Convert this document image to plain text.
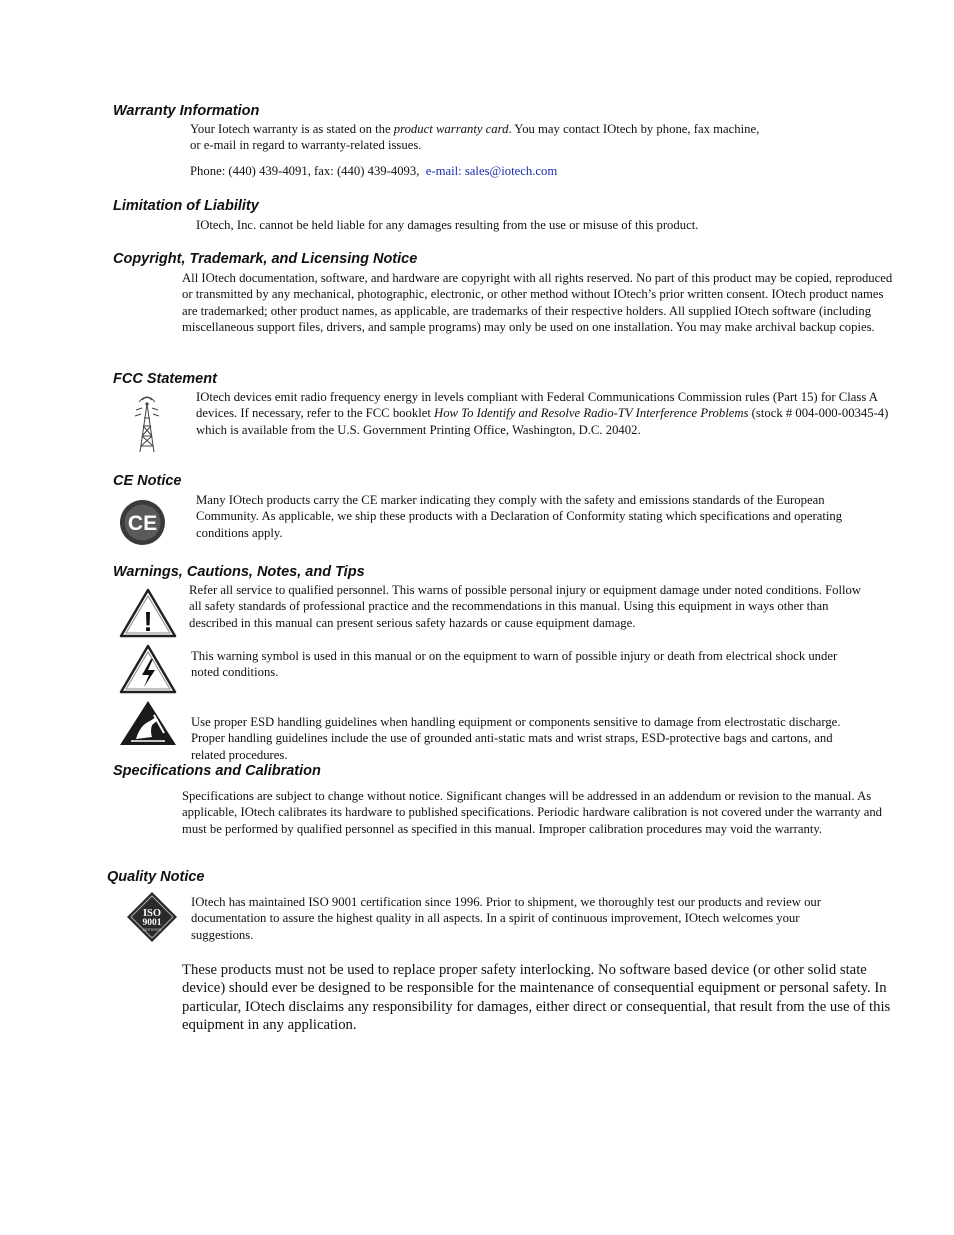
Warranty Information

Your Iotech warranty is as stated on the product warranty card. You may contact IOtech by phone, fax machine, or e-mail in regard to warranty-related issues.

Phone: (440) 439-4091, fax: (440) 439-4093, e-mail: sales@iotech.com

Limitation of Liability

IOtech, Inc. cannot be held liable for any damages resulting from the use or misuse of this product.

Copyright, Trademark, and Licensing Notice

All IOtech documentation, software, and hardware are copyright with all rights reserved. No part of this product may be copied, reproduced or transmitted by any mechanical, photographic, electronic, or other method without IOtech’s prior written consent. IOtech product names are trademarked; other product names, as applicable, are trademarks of their respective holders. All supplied IOtech software (including miscellaneous support files, drivers, and sample programs) may only be used on one installation. You may make archival backup copies.

FCC Statement

IOtech devices emit radio frequency energy in levels compliant with Federal Communications Commission rules (Part 15) for Class A devices. If necessary, refer to the FCC booklet How To Identify and Resolve Radio-TV Interference Problems (stock # 004-000-00345-4) which is available from the U.S. Government Printing Office, Washington, D.C. 20402.

CE Notice
CE

Many IOtech products carry the CE marker indicating they comply with the safety and emissions standards of the European Community. As applicable, we ship these products with a Declaration of Conformity stating which specifications and operating conditions apply.

Warnings, Cautions, Notes, and Tips
!

Refer all service to qualified personnel. This warns of possible personal injury or equipment damage under noted conditions. Follow all safety standards of professional practice and the recommendations in this manual. Using this equipment in ways other than described in this manual can present serious safety hazards or cause equipment damage.

This warning symbol is used in this manual or on the equipment to warn of possible injury or death from electrical shock under noted conditions.

Use proper ESD handling guidelines when handling equipment or components sensitive to damage from electrostatic discharge. Proper handling guidelines include the use of grounded anti-static mats and wrist straps, ESD-protective bags and cartons, and related procedures.

Specifications and Calibration

Specifications are subject to change without notice. Significant changes will be addressed in an addendum or revision to the manual. As applicable, IOtech calibrates its hardware to published specifications. Periodic hardware calibration is not covered under the warranty and must be performed by qualified personnel as specified in this manual. Improper calibration procedures may void the warranty.

Quality Notice
ISO
9001
CERTIFIED

IOtech has maintained ISO 9001 certification since 1996. Prior to shipment, we thoroughly test our products and review our documentation to assure the highest quality in all aspects. In a spirit of continuous improvement, IOtech welcomes your suggestions.

These products must not be used to replace proper safety interlocking. No software based device (or other solid state device) should ever be designed to be responsible for the maintenance of consequential equipment or personal safety. In particular, IOtech disclaims any responsibility for damages, either direct or consequential, that result from the use of this equipment in any application.
